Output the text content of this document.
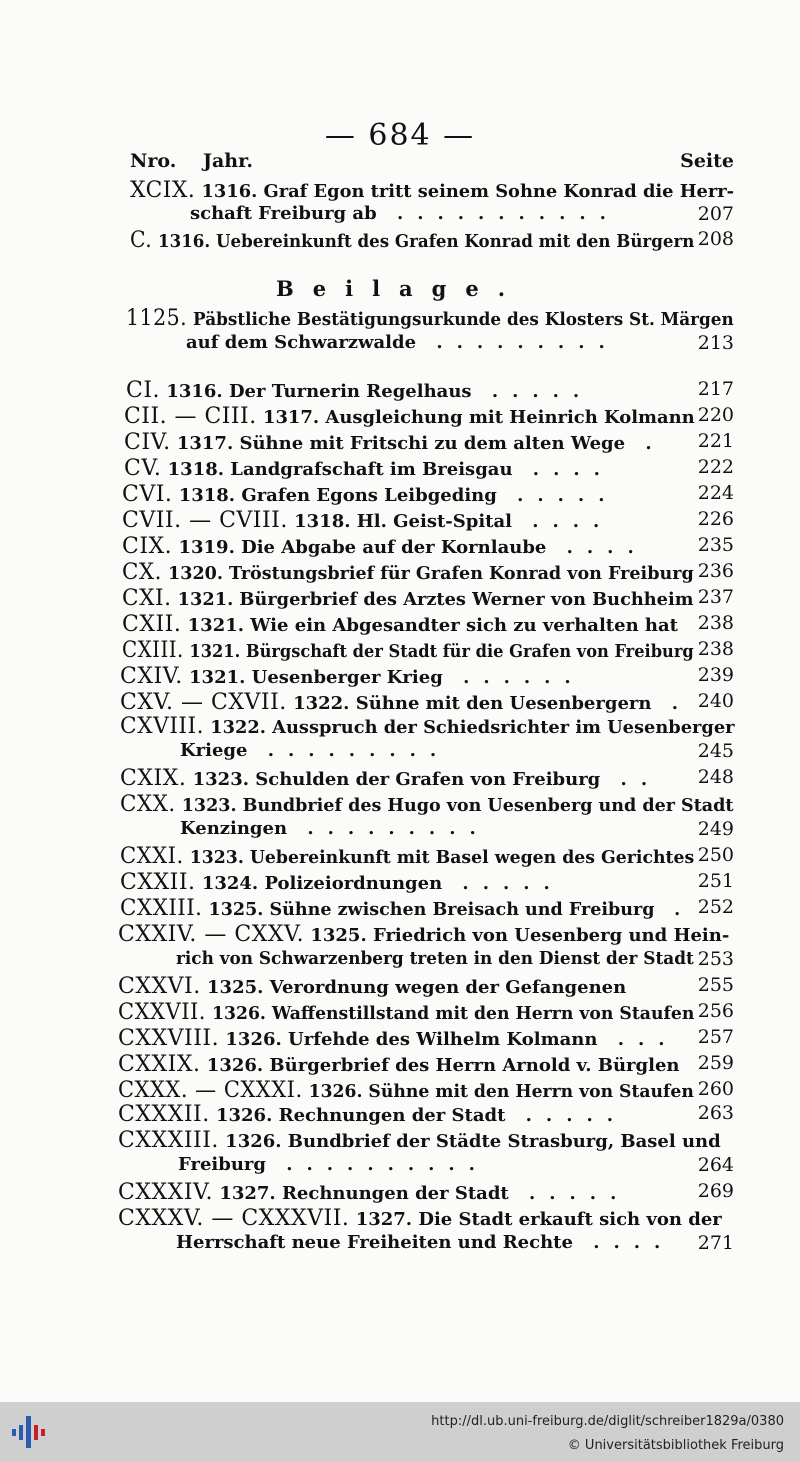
— 684 —
Nro. Jahr.	Seite
Beilage.
XCIX. 1316. Graf Egon tritt seinem Sohne Konrad die Herr-
schaft Freiburg ab ...........	207
C. 1316. Uebereinkunft des Grafen Konrad mit den Bürgern 208
1125. Päbstliche Bestätigungsurkunde des Klosters St. Märgen
auf dem Schwarzwalde .........	213
CI. 1316. Der Turnerin Regelhaus .....	217
CII. — CIII. 1317. Ausgleichung mit Heinrich Kolmann 220
CIV. 1317. Sühne mit Fritschi zu dem alten Wege . 221
CV. 1318. Landgrafschaft im Breisgau ....	222
CVI. 1318. Grafen Egons Leibgeding .....	224
CVII. — CVIII. 1318. Hl. Geist-Spital ....	226
CIX. 1319. Die Abgabe auf der Kornlaube ....	235
CX. 1320. Tröstungsbrief für Grafen Konrad von Freiburg 236
CXI. 1321. Bürgerbrief des Arztes Werner von Buchheim 237
CXII. 1321. Wie ein Abgesandter sich zu verhalten hat 238
CXIII. 1321. Bürgschaft der Stadt für die Grafen von Freiburg 238
CXIV. 1321. Uesenberger Krieg ......	239
CXV. — CXVII. 1322. Sühne mit den Uesenbergern . 240
CXVIII. 1322. Ausspruch der Schiedsrichter im Uesenberger
Kriege .........	245
CXIX. 1323. Schulden der Grafen von Freiburg .. 248
CXX. 1323. Bundbrief des Hugo von Uesenberg und der Stadt
Kenzingen .........	249
CXXI. 1323. Uebereinkunft mit Basel wegen des Gerichtes 250
CXXII. 1324. Polizeiordnungen .....	251
CXXIII. 1325. Sühne zwischen Breisach und Freiburg . 252
CXXIV. — CXXV. 1325. Friedrich von Uesenberg und Hein-
rich von Schwarzenberg treten in den Dienst der Stadt 253
CXXVI. 1325. Verordnung wegen der Gefangenen	255
CXXVII. 1326. Waffenstillstand mit den Herrn von Staufen 256
CXXVIII. 1326. Urfehde des Wilhelm Kolmann ... 257
CXXIX. 1326. Bürgerbrief des Herrn Arnold v. Bürglen 259
CXXX. — CXXXI. 1326. Sühne mit den Herrn von Staufen 260
CXXXII. 1326. Rechnungen der Stadt .....	263
CXXXIII. 1326. Bundbrief der Städte Strasburg, Basel und
Freiburg ..........	264
CXXXIV. 1327. Rechnungen der Stadt .....	269
CXXXV. — CXXXVII. 1327. Die Stadt erkauft sich von der
Herrschaft neue Freiheiten und Rechte .... 271
http://dl.ub.uni-freiburg.de/diglit/schreiber1829a/0380
© Universitätsbibliothek Freiburg
